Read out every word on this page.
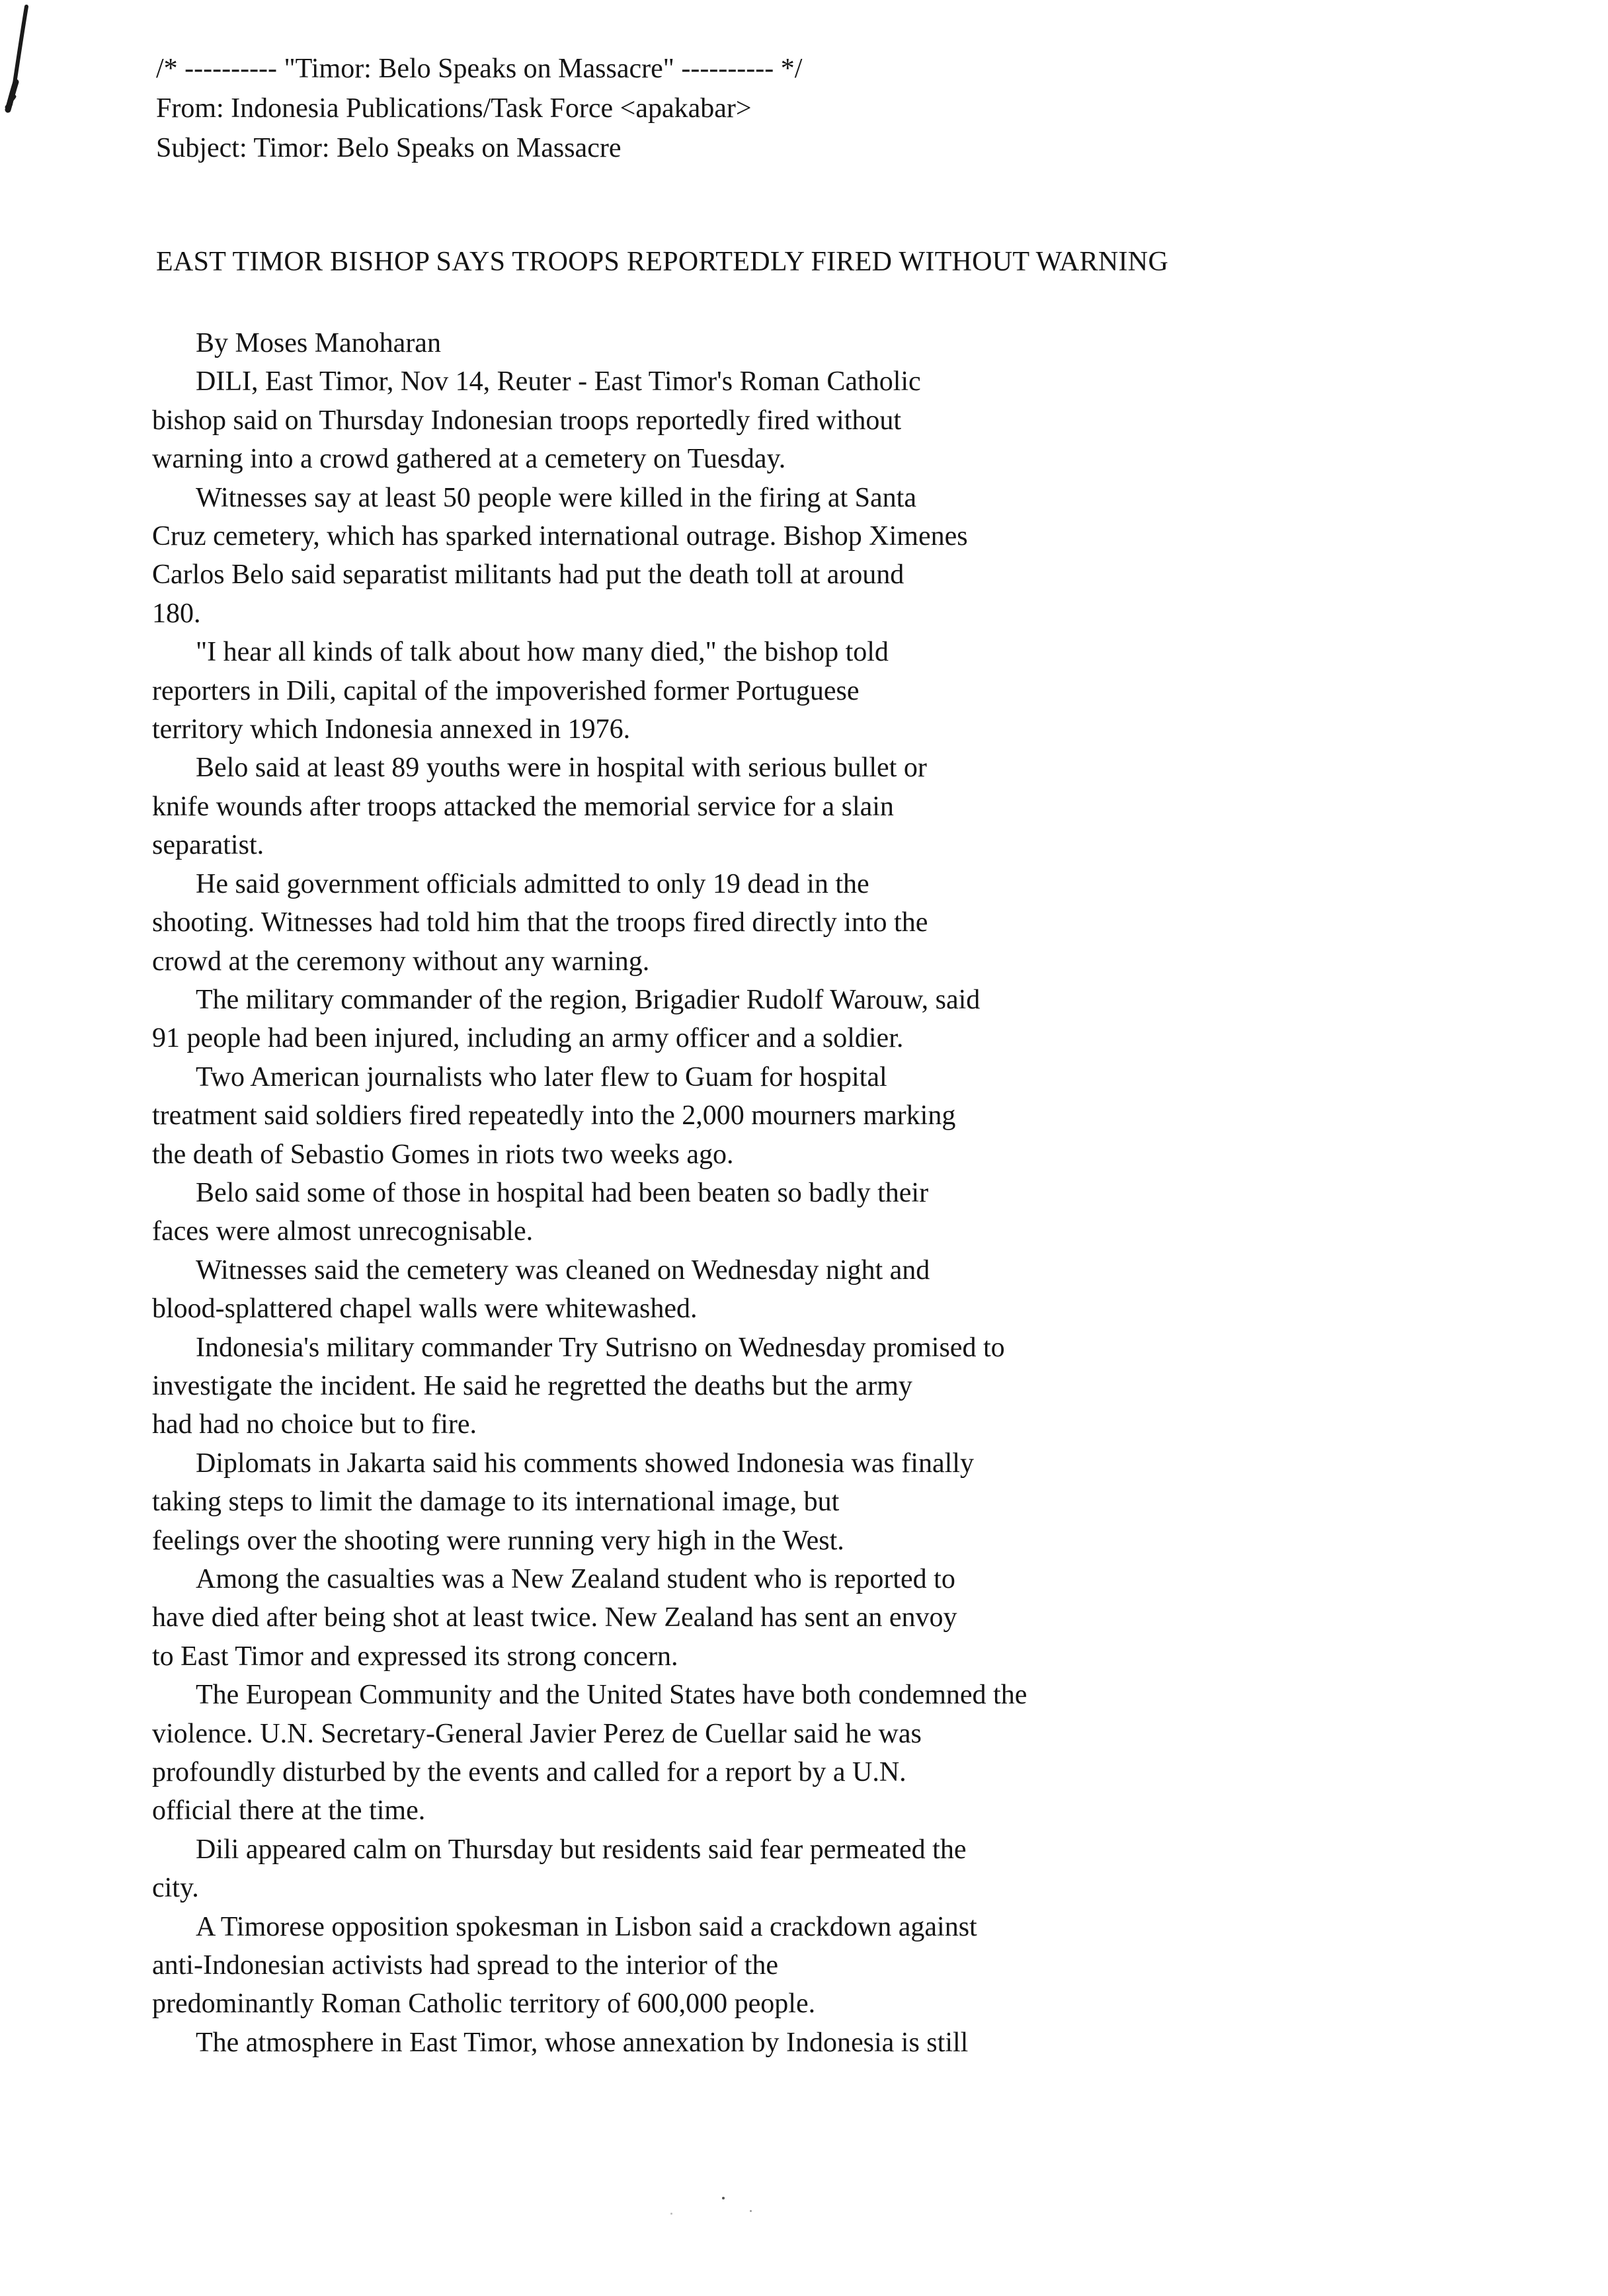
/* ---------- "Timor: Belo Speaks on Massacre" ---------- */
From: Indonesia Publications/Task Force <apakabar>
Subject: Timor: Belo Speaks on Massacre
EAST TIMOR BISHOP SAYS TROOPS REPORTEDLY FIRED WITHOUT WARNING
By Moses Manoharan
DILI, East Timor, Nov 14, Reuter - East Timor's Roman Catholic
bishop said on Thursday Indonesian troops reportedly fired without
warning into a crowd gathered at a cemetery on Tuesday.
Witnesses say at least 50 people were killed in the firing at Santa
Cruz cemetery, which has sparked international outrage. Bishop Ximenes
Carlos Belo said separatist militants had put the death toll at around
180.
"I hear all kinds of talk about how many died," the bishop told
reporters in Dili, capital of the impoverished former Portuguese
territory which Indonesia annexed in 1976.
Belo said at least 89 youths were in hospital with serious bullet or
knife wounds after troops attacked the memorial service for a slain
separatist.
He said government officials admitted to only 19 dead in the
shooting. Witnesses had told him that the troops fired directly into the
crowd at the ceremony without any warning.
The military commander of the region, Brigadier Rudolf Warouw, said
91 people had been injured, including an army officer and a soldier.
Two American journalists who later flew to Guam for hospital
treatment said soldiers fired repeatedly into the 2,000 mourners marking
the death of Sebastio Gomes in riots two weeks ago.
Belo said some of those in hospital had been beaten so badly their
faces were almost unrecognisable.
Witnesses said the cemetery was cleaned on Wednesday night and
blood-splattered chapel walls were whitewashed.
Indonesia's military commander Try Sutrisno on Wednesday promised to
investigate the incident. He said he regretted the deaths but the army
had had no choice but to fire.
Diplomats in Jakarta said his comments showed Indonesia was finally
taking steps to limit the damage to its international image, but
feelings over the shooting were running very high in the West.
Among the casualties was a New Zealand student who is reported to
have died after being shot at least twice. New Zealand has sent an envoy
to East Timor and expressed its strong concern.
The European Community and the United States have both condemned the
violence. U.N. Secretary-General Javier Perez de Cuellar said he was
profoundly disturbed by the events and called for a report by a U.N.
official there at the time.
Dili appeared calm on Thursday but residents said fear permeated the
city.
A Timorese opposition spokesman in Lisbon said a crackdown against
anti-Indonesian activists had spread to the interior of the
predominantly Roman Catholic territory of 600,000 people.
The atmosphere in East Timor, whose annexation by Indonesia is still
